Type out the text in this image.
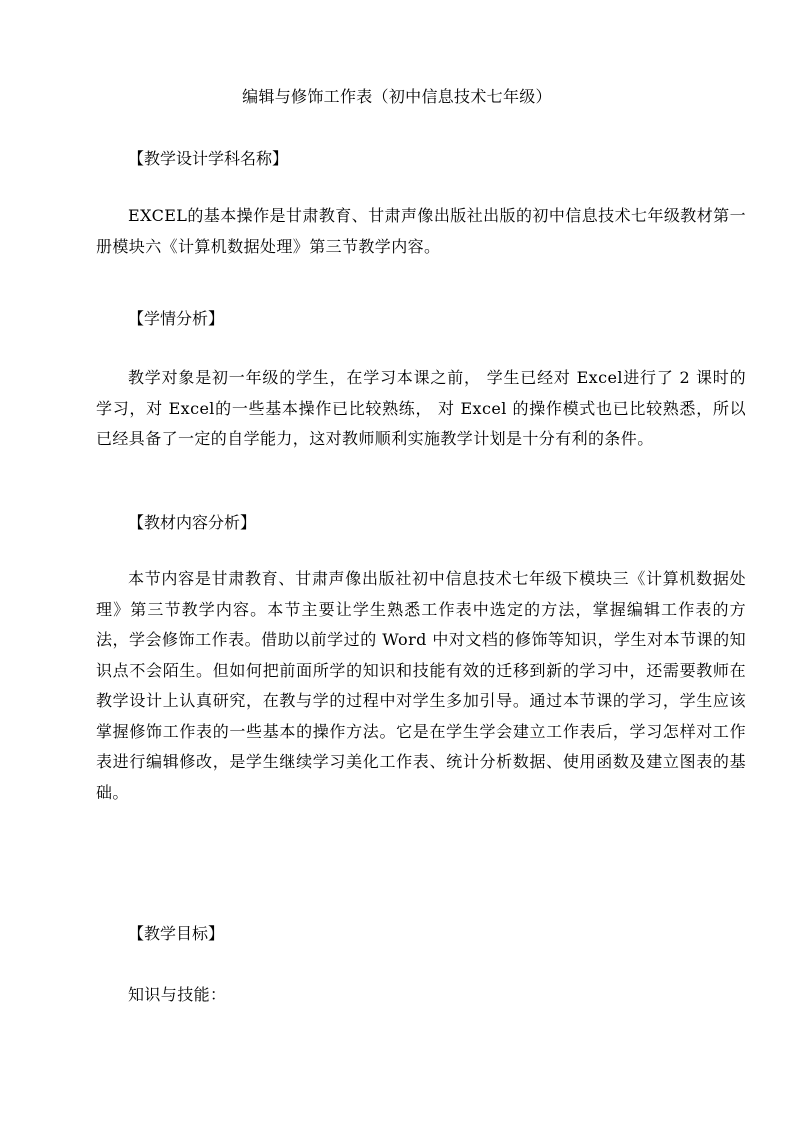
编辑与修饰工作表（初中信息技术七年级）
【教学设计学科名称】

EXCEL的基本操作是甘肃教育、甘肃声像出版社出版的初中信息技术七年级教材第一册模块六《计算机数据处理》第三节教学内容。

【学情分析】

教学对象是初一年级的学生，在学习本课之前， 学生已经对 Excel进行了 2 课时的学习，对 Excel的一些基本操作已比较熟练， 对 Excel 的操作模式也已比较熟悉，所以已经具备了一定的自学能力，这对教师顺利实施教学计划是十分有利的条件。

【教材内容分析】

本节内容是甘肃教育、甘肃声像出版社初中信息技术七年级下模块三《计算机数据处理》第三节教学内容。本节主要让学生熟悉工作表中选定的方法，掌握编辑工作表的方法，学会修饰工作表。借助以前学过的 Word 中对文档的修饰等知识，学生对本节课的知识点不会陌生。但如何把前面所学的知识和技能有效的迁移到新的学习中，还需要教师在教学设计上认真研究，在教与学的过程中对学生多加引导。通过本节课的学习，学生应该掌握修饰工作表的一些基本的操作方法。它是在学生学会建立工作表后，学习怎样对工作表进行编辑修改，是学生继续学习美化工作表、统计分析数据、使用函数及建立图表的基础。

【教学目标】

知识与技能：
